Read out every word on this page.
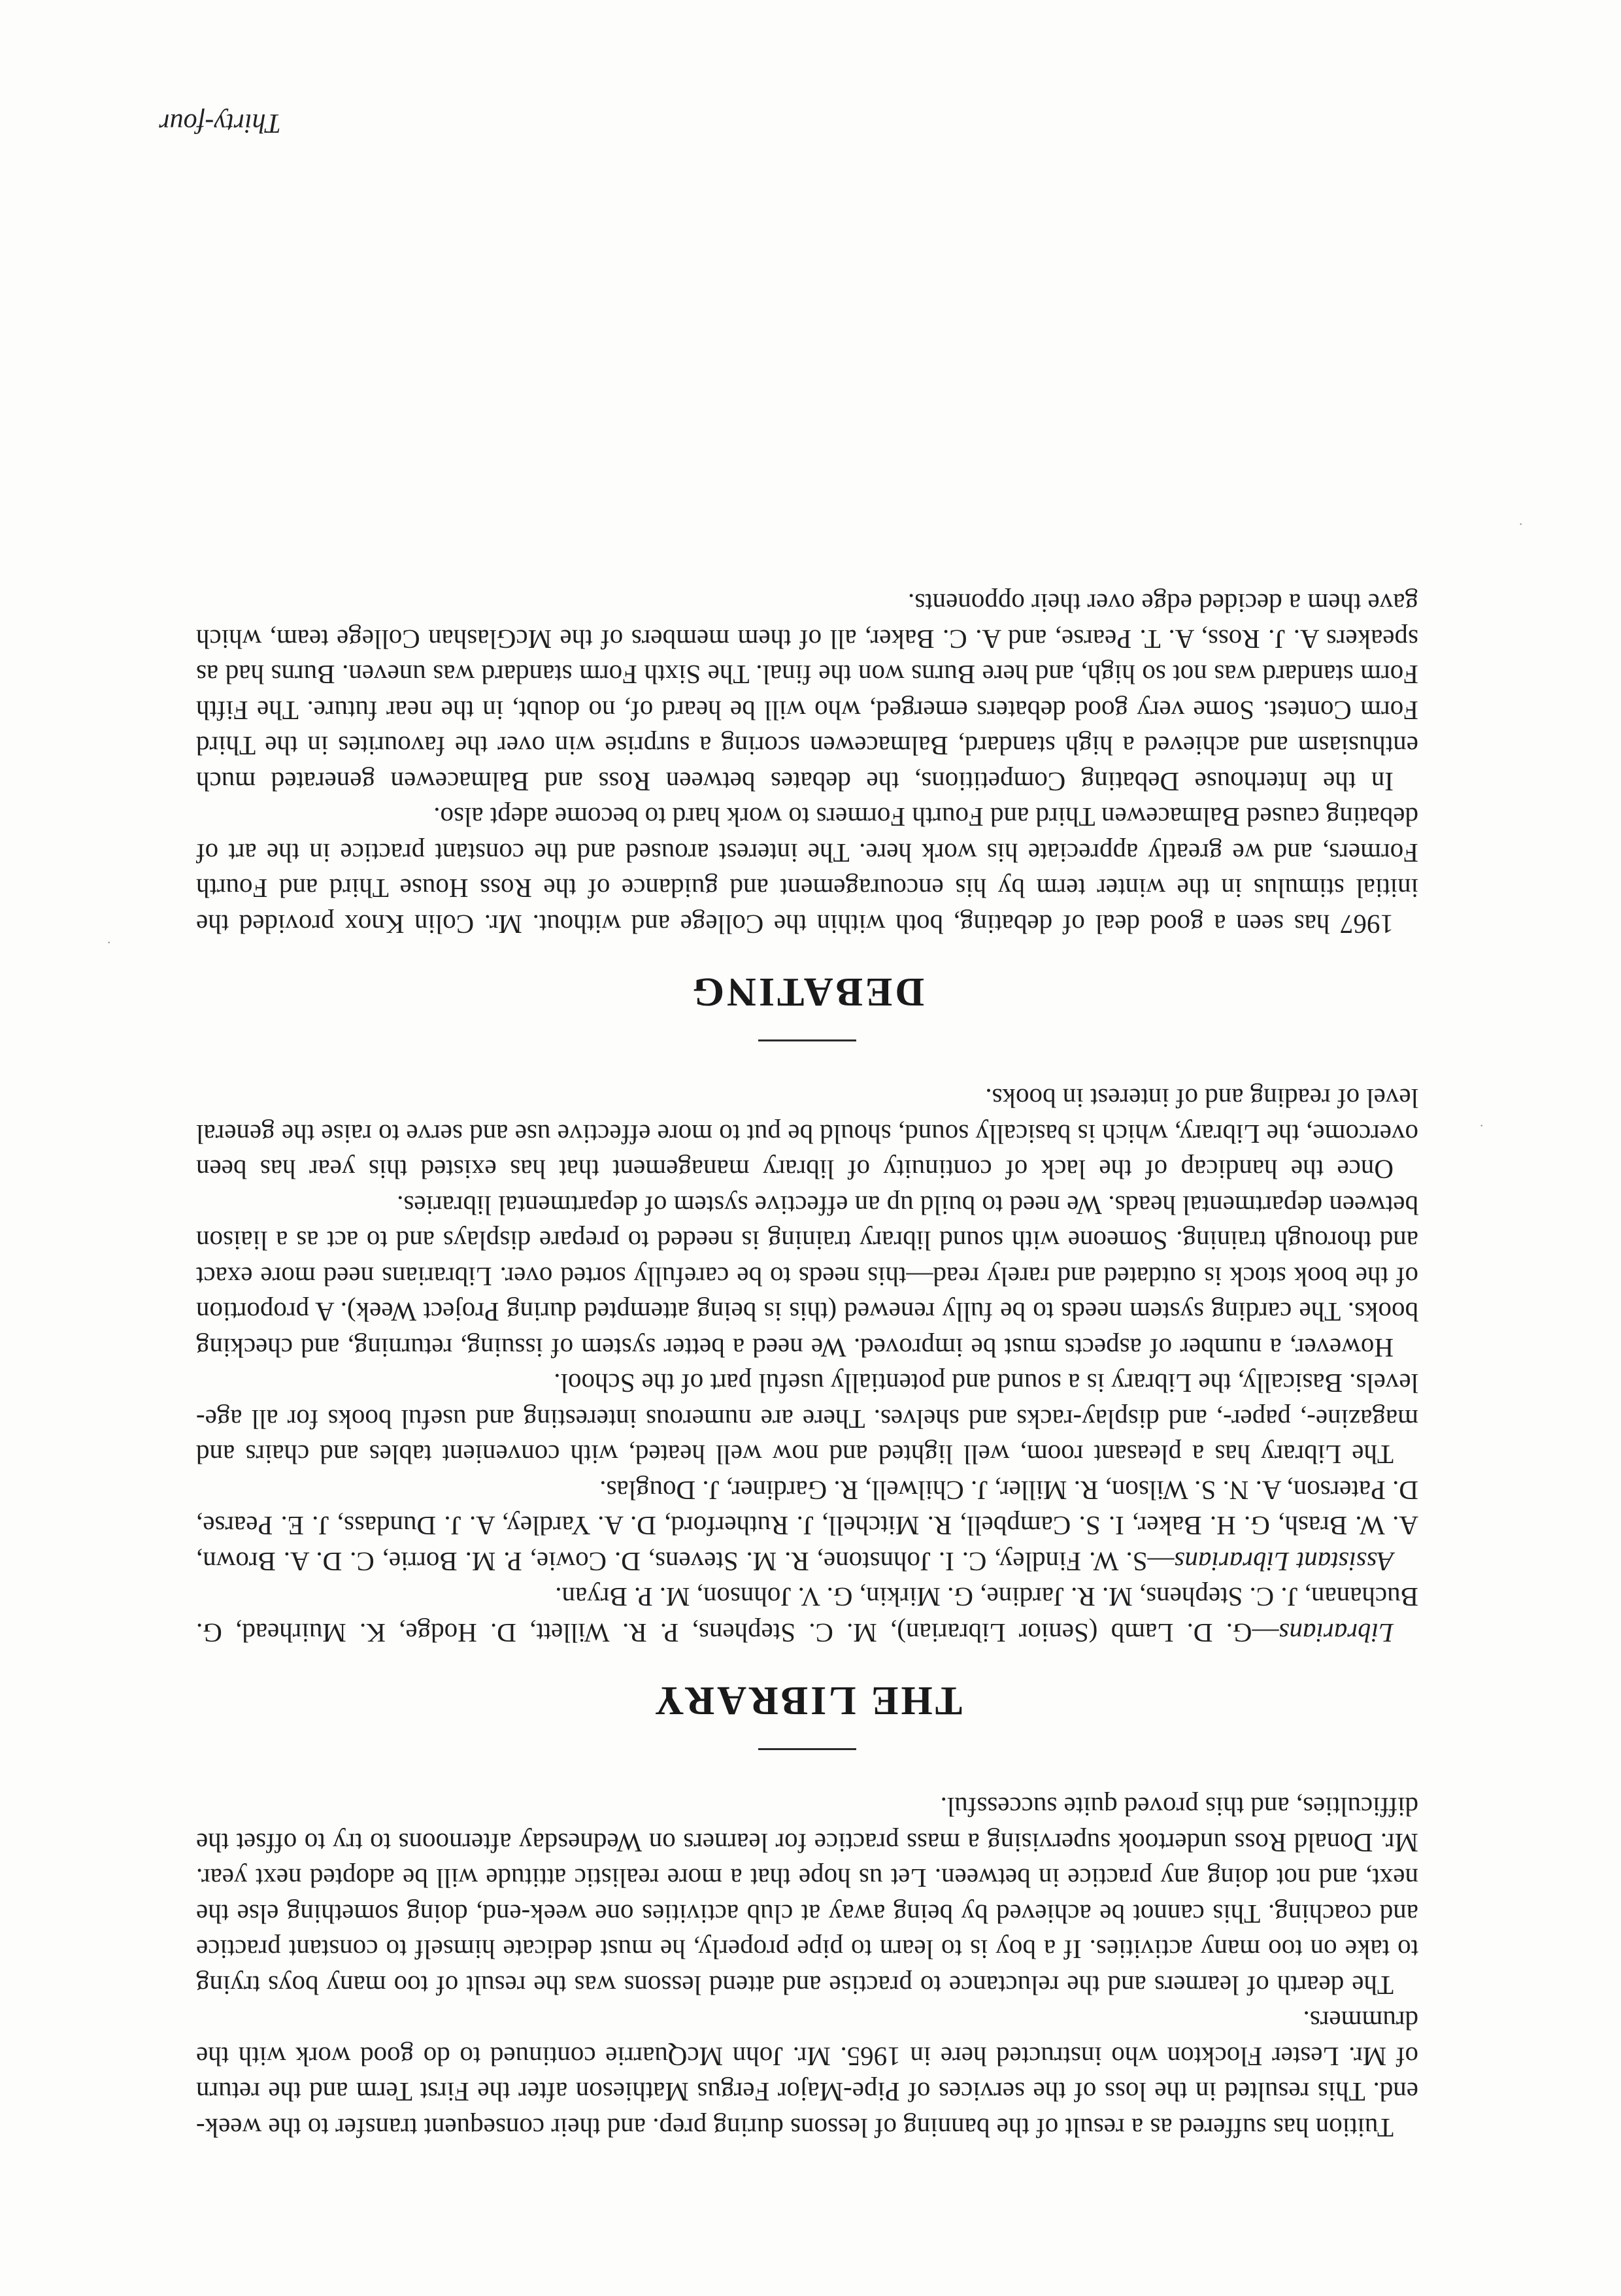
Tuition has suffered as a result of the banning of lessons during prep. and their consequent transfer to the week-end. This resulted in the loss of the services of Pipe-Major Fergus Mathieson after the First Term and the return of Mr. Lester Flockton who instructed here in 1965. Mr. John McQuarrie continued to do good work with the drummers.

The dearth of learners and the reluctance to practise and attend lessons was the result of too many boys trying to take on too many activities. If a boy is to learn to pipe properly, he must dedicate himself to constant practice and coaching. This cannot be achieved by being away at club activities one week-end, doing something else the next, and not doing any practice in between. Let us hope that a more realistic attitude will be adopted next year. Mr. Donald Ross undertook supervising a mass practice for learners on Wednesday afternoons to try to offset the difficulties, and this proved quite successful.

THE LIBRARY

Librarians—G. D. Lamb (Senior Librarian), M. C. Stephens, P. R. Willett, D. Hodge, K. Muirhead, G. Buchanan, J. C. Stephens, M. R. Jardine, G. Mirkin, G. V. Johnson, M. P. Bryan.

Assistant Librarians—S. W. Findley, C. I. Johnstone, R. M. Stevens, D. Cowie, P. M. Borrie, C. D. A. Brown, A. W. Brash, G. H. Baker, I. S. Campbell, R. Mitchell, J. Rutherford, D. A. Yardley, A. J. Dundass, J. E. Pearse, D. Paterson, A. N. S. Wilson, R. Miller, J. Chilwell, R. Gardiner, J. Douglas.

The Library has a pleasant room, well lighted and now well heated, with convenient tables and chairs and magazine-, paper-, and display-racks and shelves. There are numerous interesting and useful books for all age-levels. Basically, the Library is a sound and potentially useful part of the School.

However, a number of aspects must be improved. We need a better system of issuing, returning, and checking books. The carding system needs to be fully renewed (this is being attempted during Project Week). A proportion of the book stock is outdated and rarely read—this needs to be carefully sorted over. Librarians need more exact and thorough training. Someone with sound library training is needed to prepare displays and to act as a liaison between departmental heads. We need to build up an effective system of departmental libraries.

Once the handicap of the lack of continuity of library management that has existed this year has been overcome, the Library, which is basically sound, should be put to more effective use and serve to raise the general level of reading and of interest in books.

DEBATING

1967 has seen a good deal of debating, both within the College and without. Mr. Colin Knox provided the initial stimulus in the winter term by his encouragement and guidance of the Ross House Third and Fourth Formers, and we greatly appreciate his work here. The interest aroused and the constant practice in the art of debating caused Balmacewen Third and Fourth Formers to work hard to become adept also.

In the Interhouse Debating Competitions, the debates between Ross and Balmacewen generated much enthusiasm and achieved a high standard, Balmacewen scoring a surprise win over the favourites in the Third Form Contest. Some very good debaters emerged, who will be heard of, no doubt, in the near future. The Fifth Form standard was not so high, and here Burns won the final. The Sixth Form standard was uneven. Burns had as speakers A. J. Ross, A. T. Pearse, and A. C. Baker, all of them members of the McGlashan College team, which gave them a decided edge over their opponents.

Thirty-four
·
·
·
